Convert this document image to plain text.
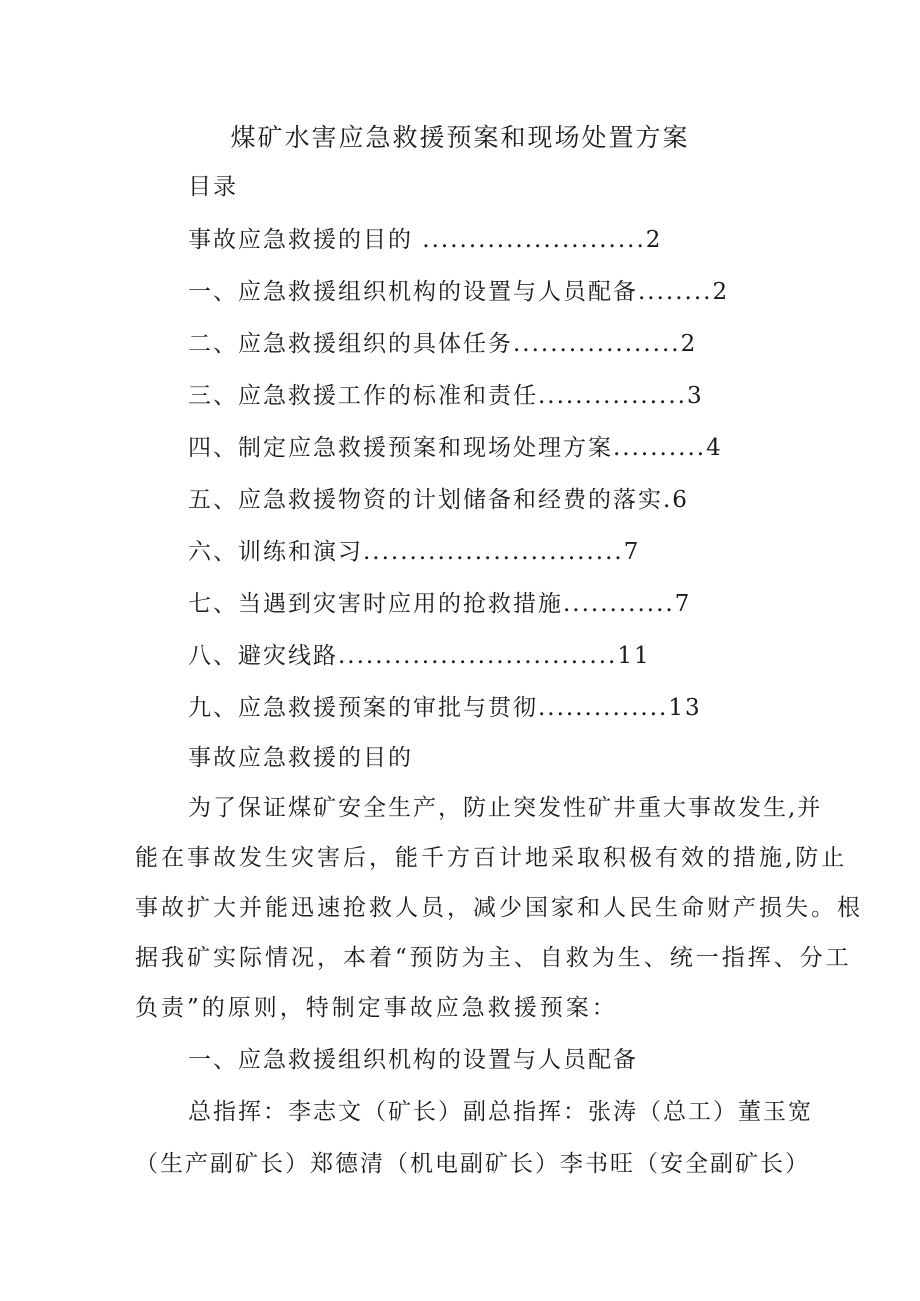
煤矿水害应急救援预案和现场处置方案
目录
事故应急救援的目的 ........................2
一、应急救援组织机构的设置与人员配备........2
二、应急救援组织的具体任务..................2
三、应急救援工作的标准和责任................3
四、制定应急救援预案和现场处理方案..........4
五、应急救援物资的计划储备和经费的落实.6
六、训练和演习............................7
七、当遇到灾害时应用的抢救措施............7
八、避灾线路..............................11
九、应急救援预案的审批与贯彻..............13
事故应急救援的目的
为了保证煤矿安全生产，防止突发性矿井重大事故发生,并
能在事故发生灾害后，能千方百计地采取积极有效的措施,防止
事故扩大并能迅速抢救人员，减少国家和人民生命财产损失。根
据我矿实际情况，本着“预防为主、自救为生、统一指挥、分工
负责”的原则，特制定事故应急救援预案：
一、应急救援组织机构的设置与人员配备
总指挥：李志文（矿长）副总指挥：张涛（总工）董玉宽
（生产副矿长）郑德清（机电副矿长）李书旺（安全副矿长）
